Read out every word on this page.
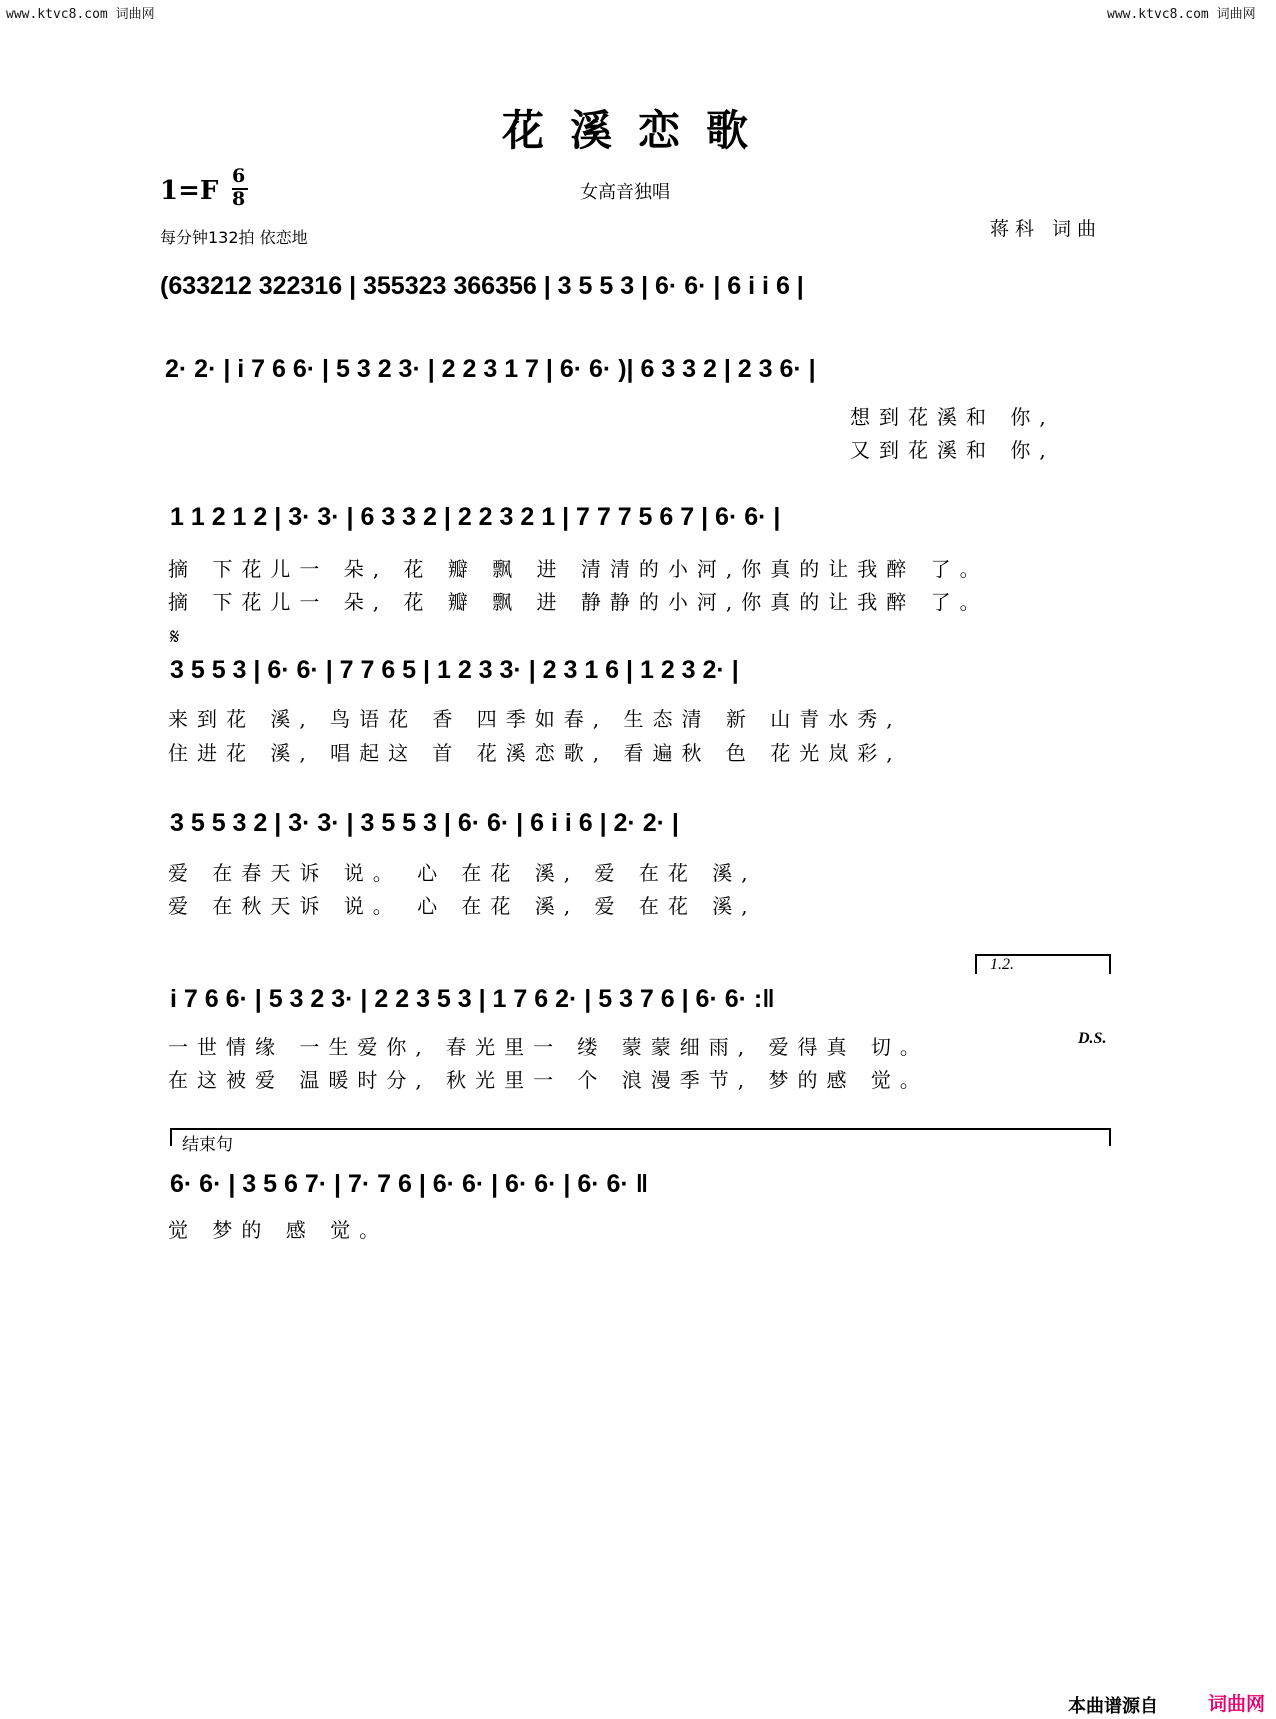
www.ktvc8.com 词曲网	www.ktvc8.com 词曲网
花溪恋歌
1=F 6
8	女高音独唱
每分钟132拍 依恋地	蒋科 词曲
(633212 322316 | 355323 366356 | 3 5 5 3 | 6· 6· | 6 i i 6 |
2· 2· | i 7 6 6· | 5 3 2 3· | 2 2 3 1 7 | 6· 6· )| 6 3 3 2 | 2 3 6· |
想到花溪和 你,
又到花溪和 你,
1 1 2 1 2 | 3· 3· | 6 3 3 2 | 2 2 3 2 1 | 7 7 7 5 6 7 | 6· 6· |
摘 下花儿一 朵, 花 瓣 飘 进 清清的小河,你真的让我醉 了。
摘 下花儿一 朵, 花 瓣 飘 进 静静的小河,你真的让我醉 了。
𝄋
3 5 5 3 | 6· 6· | 7 7 6 5 | 1 2 3 3· | 2 3 1 6 | 1 2 3 2· |
来到花 溪, 鸟语花 香 四季如春, 生态清 新 山青水秀,
住进花 溪, 唱起这 首 花溪恋歌, 看遍秋 色 花光岚彩,
3 5 5 3 2 | 3· 3· | 3 5 5 3 | 6· 6· | 6 i i 6 | 2· 2· |
爱 在春天诉 说。 心 在花 溪, 爱 在花 溪,
爱 在秋天诉 说。 心 在花 溪, 爱 在花 溪,
1.2.
i 7 6 6· | 5 3 2 3· | 2 2 3 5 3 | 1 7 6 2· | 5 3 7 6 | 6· 6· :‖
一世情缘 一生爱你, 春光里一 缕 蒙蒙细雨, 爱得真 切。
在这被爱 温暖时分, 秋光里一 个 浪漫季节, 梦的感 觉。
D.S.
结束句
6· 6· | 3 5 6 7· | 7· 7 6 | 6· 6· | 6· 6· | 6· 6· ‖
觉 梦的 感 觉。
本曲谱源自	词曲网
